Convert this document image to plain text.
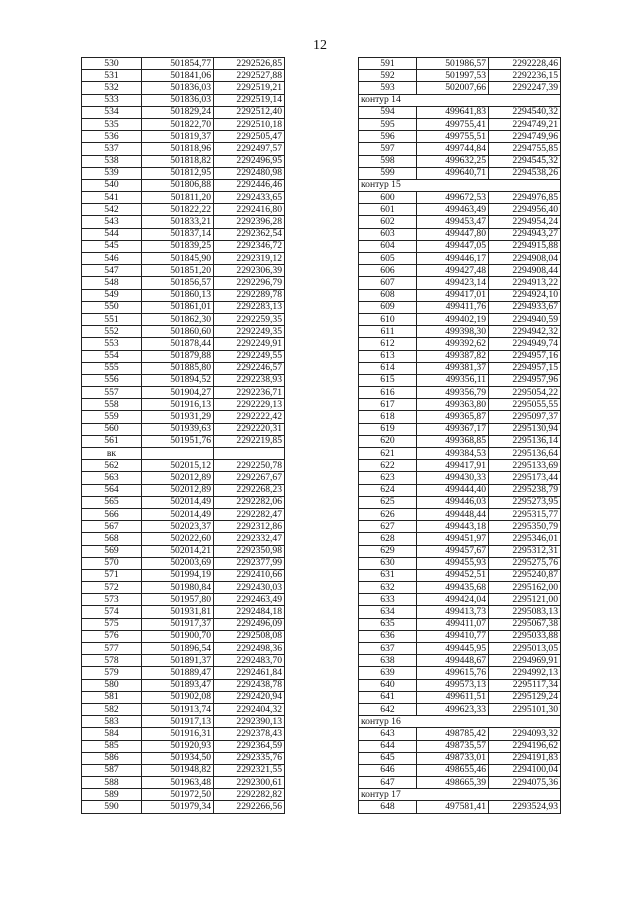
12
530	501854,77	2292526,85
531	501841,06	2292527,88
532	501836,03	2292519,21
533	501836,03	2292519,14
534	501829,24	2292512,40
535	501822,70	2292510,18
536	501819,37	2292505,47
537	501818,96	2292497,57
538	501818,82	2292496,95
539	501812,95	2292480,98
540	501806,88	2292446,46
541	501811,20	2292433,65
542	501822,22	2292416,80
543	501833,21	2292396,28
544	501837,14	2292362,54
545	501839,25	2292346,72
546	501845,90	2292319,12
547	501851,20	2292306,39
548	501856,57	2292296,79
549	501860,13	2292289,78
550	501861,01	2292283,13
551	501862,30	2292259,35
552	501860,60	2292249,35
553	501878,44	2292249,91
554	501879,88	2292249,55
555	501885,80	2292246,57
556	501894,52	2292238,93
557	501904,27	2292236,71
558	501916,13	2292229,13
559	501931,29	2292222,42
560	501939,63	2292220,31
561	501951,76	2292219,85
вк		
562	502015,12	2292250,78
563	502012,89	2292267,67
564	502012,89	2292268,23
565	502014,49	2292282,06
566	502014,49	2292282,47
567	502023,37	2292312,86
568	502022,60	2292332,47
569	502014,21	2292350,98
570	502003,69	2292377,99
571	501994,19	2292410,66
572	501980,84	2292430,03
573	501957,80	2292463,49
574	501931,81	2292484,18
575	501917,37	2292496,09
576	501900,70	2292508,08
577	501896,54	2292498,36
578	501891,37	2292483,70
579	501889,47	2292461,84
580	501893,47	2292438,78
581	501902,08	2292420,94
582	501913,74	2292404,32
583	501917,13	2292390,13
584	501916,31	2292378,43
585	501920,93	2292364,59
586	501934,50	2292335,76
587	501948,82	2292321,55
588	501963,48	2292300,61
589	501972,50	2292282,82
590	501979,34	2292266,56
591	501986,57	2292228,46
592	501997,53	2292236,15
593	502007,66	2292247,39
контур 14		
594	499641,83	2294540,32
595	499755,41	2294749,21
596	499755,51	2294749,96
597	499744,84	2294755,85
598	499632,25	2294545,32
599	499640,71	2294538,26
контур 15		
600	499672,53	2294976,85
601	499463,49	2294956,40
602	499453,47	2294954,24
603	499447,80	2294943,27
604	499447,05	2294915,88
605	499446,17	2294908,04
606	499427,48	2294908,44
607	499423,14	2294913,22
608	499417,01	2294924,10
609	499411,76	2294933,67
610	499402,19	2294940,59
611	499398,30	2294942,32
612	499392,62	2294949,74
613	499387,82	2294957,16
614	499381,37	2294957,15
615	499356,11	2294957,96
616	499356,79	2295054,22
617	499363,80	2295055,55
618	499365,87	2295097,37
619	499367,17	2295130,94
620	499368,85	2295136,14
621	499384,53	2295136,64
622	499417,91	2295133,69
623	499430,33	2295173,44
624	499444,40	2295238,79
625	499446,03	2295273,95
626	499448,44	2295315,77
627	499443,18	2295350,79
628	499451,97	2295346,01
629	499457,67	2295312,31
630	499455,93	2295275,76
631	499452,51	2295240,87
632	499435,68	2295162,00
633	499424,04	2295121,00
634	499413,73	2295083,13
635	499411,07	2295067,38
636	499410,77	2295033,88
637	499445,95	2295013,05
638	499448,67	2294969,91
639	499615,76	2294992,13
640	499573,13	2295117,34
641	499611,51	2295129,24
642	499623,33	2295101,30
контур 16		
643	498785,42	2294093,32
644	498735,57	2294196,62
645	498733,01	2294191,83
646	498655,46	2294100,04
647	498665,39	2294075,36
контур 17		
648	497581,41	2293524,93
